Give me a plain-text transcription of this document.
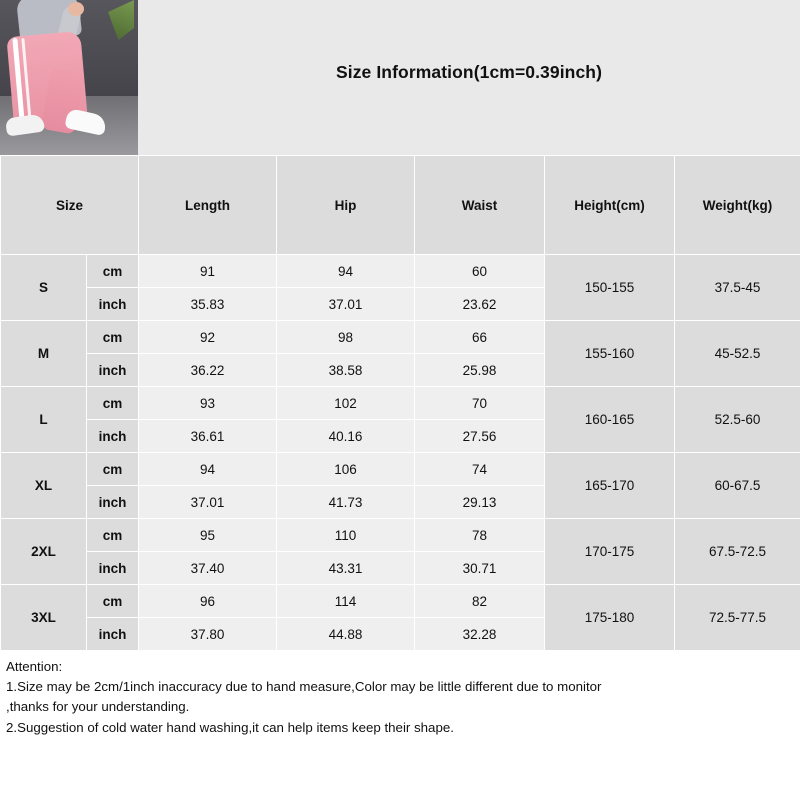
Size Information(1cm=0.39inch)
Size		Length	Hip	Waist	Height(cm)	Weight(kg)
S	cm	91	94	60	150-155	37.5-45
	inch	35.83	37.01	23.62		
M	cm	92	98	66	155-160	45-52.5
	inch	36.22	38.58	25.98		
L	cm	93	102	70	160-165	52.5-60
	inch	36.61	40.16	27.56		
XL	cm	94	106	74	165-170	60-67.5
	inch	37.01	41.73	29.13		
2XL	cm	95	110	78	170-175	67.5-72.5
	inch	37.40	43.31	30.71		
3XL	cm	96	114	82	175-180	72.5-77.5
	inch	37.80	44.88	32.28		
Attention:
1.Size may be 2cm/1inch inaccuracy due to hand measure,Color may be little different due to monitor
,thanks for your understanding.
2.Suggestion of cold water hand washing,it can help items keep their shape.
